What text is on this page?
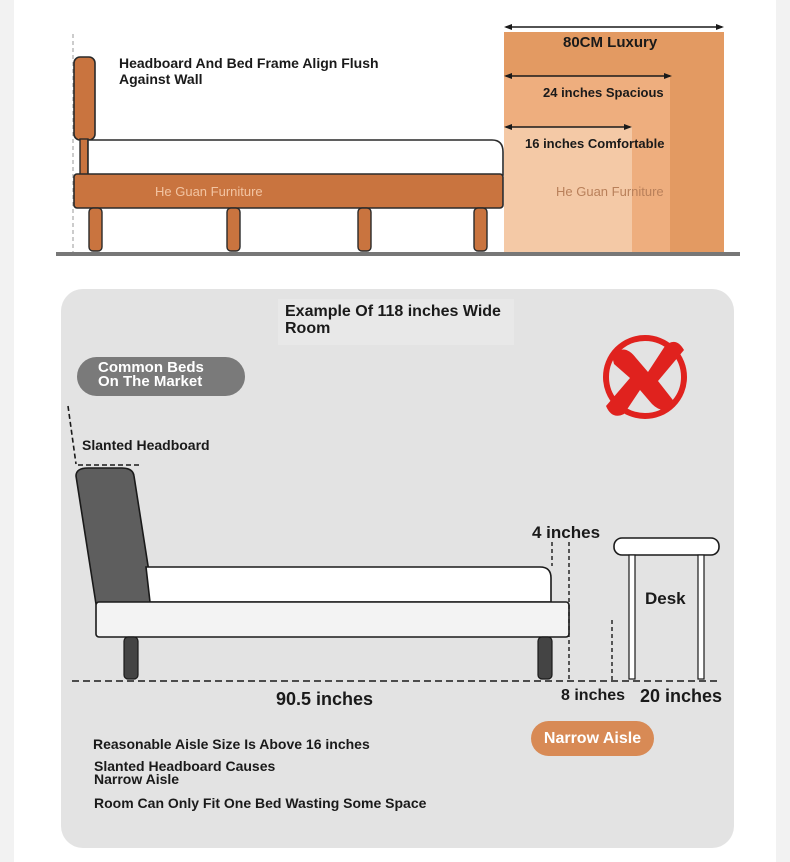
Headboard And Bed Frame Align Flush
Against Wall
He Guan Furniture	He Guan Furniture
80CM Luxury
24 inches Spacious
16 inches Comfortable
Example Of 118 inches Wide
Room
Common Beds
On The Market
Slanted Headboard
4 inches
Desk
90.5 inches	8 inches 20 inches
Narrow Aisle
Reasonable Aisle Size Is Above 16 inches
Slanted Headboard Causes
Narrow Aisle
Room Can Only Fit One Bed Wasting Some Space
